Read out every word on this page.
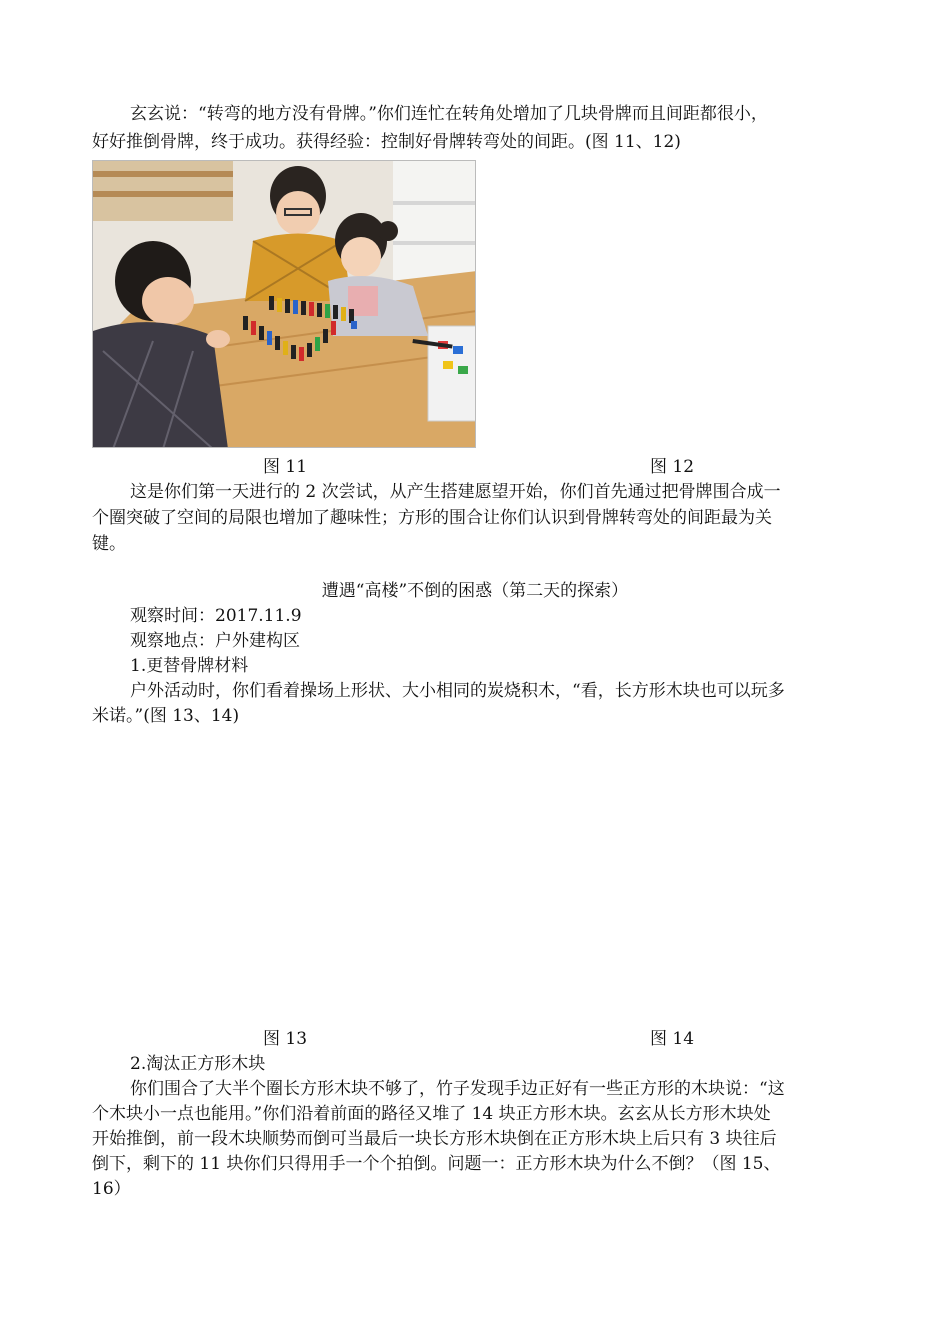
玄玄说：“转弯的地方没有骨牌。”你们连忙在转角处增加了几块骨牌而且间距都很小，
好好推倒骨牌，终于成功。获得经验：控制好骨牌转弯处的间距。(图 11、12)
图 11	图 12
这是你们第一天进行的 2 次尝试，从产生搭建愿望开始，你们首先通过把骨牌围合成一
个圈突破了空间的局限也增加了趣味性；方形的围合让你们认识到骨牌转弯处的间距最为关
键。
遭遇“高楼”不倒的困惑（第二天的探索）
观察时间：2017.11.9
观察地点：户外建构区
1.更替骨牌材料
户外活动时，你们看着操场上形状、大小相同的炭烧积木，“看，长方形木块也可以玩多
米诺。”(图 13、14)
图 13	图 14
2.淘汰正方形木块
你们围合了大半个圈长方形木块不够了，竹子发现手边正好有一些正方形的木块说：“这
个木块小一点也能用。”你们沿着前面的路径又堆了 14 块正方形木块。玄玄从长方形木块处
开始推倒，前一段木块顺势而倒可当最后一块长方形木块倒在正方形木块上后只有 3 块往后
倒下，剩下的 11 块你们只得用手一个个拍倒。问题一：正方形木块为什么不倒？（图 15、
16）
